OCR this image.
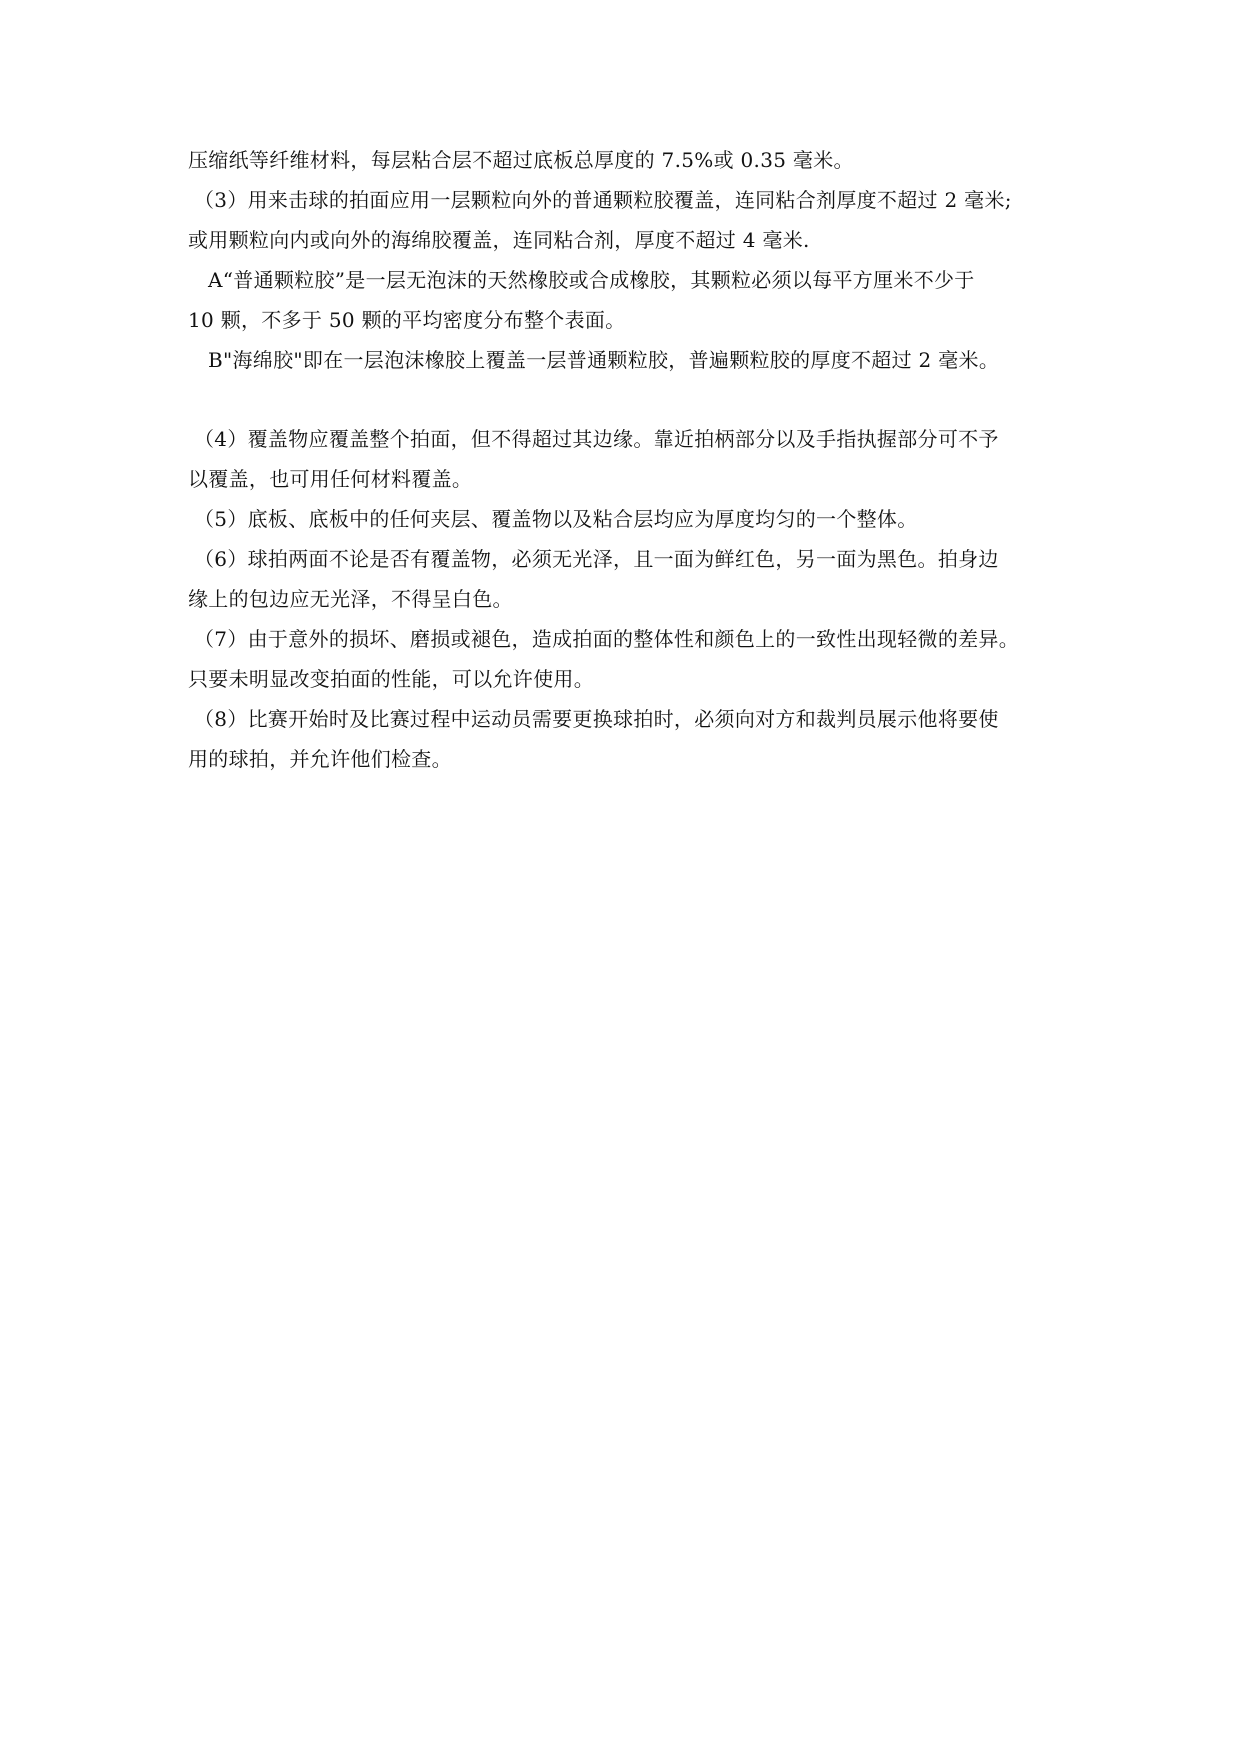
压缩纸等纤维材料，每层粘合层不超过底板总厚度的 7.5%或 0.35 毫米。
（3）用来击球的拍面应用一层颗粒向外的普通颗粒胶覆盖，连同粘合剂厚度不超过 2 毫米;
或用颗粒向内或向外的海绵胶覆盖，连同粘合剂，厚度不超过 4 毫米.
A“普通颗粒胶”是一层无泡沫的天然橡胶或合成橡胶，其颗粒必须以每平方厘米不少于
10 颗，不多于 50 颗的平均密度分布整个表面。
B"海绵胶"即在一层泡沫橡胶上覆盖一层普通颗粒胶，普遍颗粒胶的厚度不超过 2 毫米。
（4）覆盖物应覆盖整个拍面，但不得超过其边缘。靠近拍柄部分以及手指执握部分可不予
以覆盖，也可用任何材料覆盖。
（5）底板、底板中的任何夹层、覆盖物以及粘合层均应为厚度均匀的一个整体。
（6）球拍两面不论是否有覆盖物，必须无光泽，且一面为鲜红色，另一面为黑色。拍身边
缘上的包边应无光泽，不得呈白色。
（7）由于意外的损坏、磨损或褪色，造成拍面的整体性和颜色上的一致性出现轻微的差异。
只要未明显改变拍面的性能，可以允许使用。
（8）比赛开始时及比赛过程中运动员需要更换球拍时，必须向对方和裁判员展示他将要使
用的球拍，并允许他们检查。
